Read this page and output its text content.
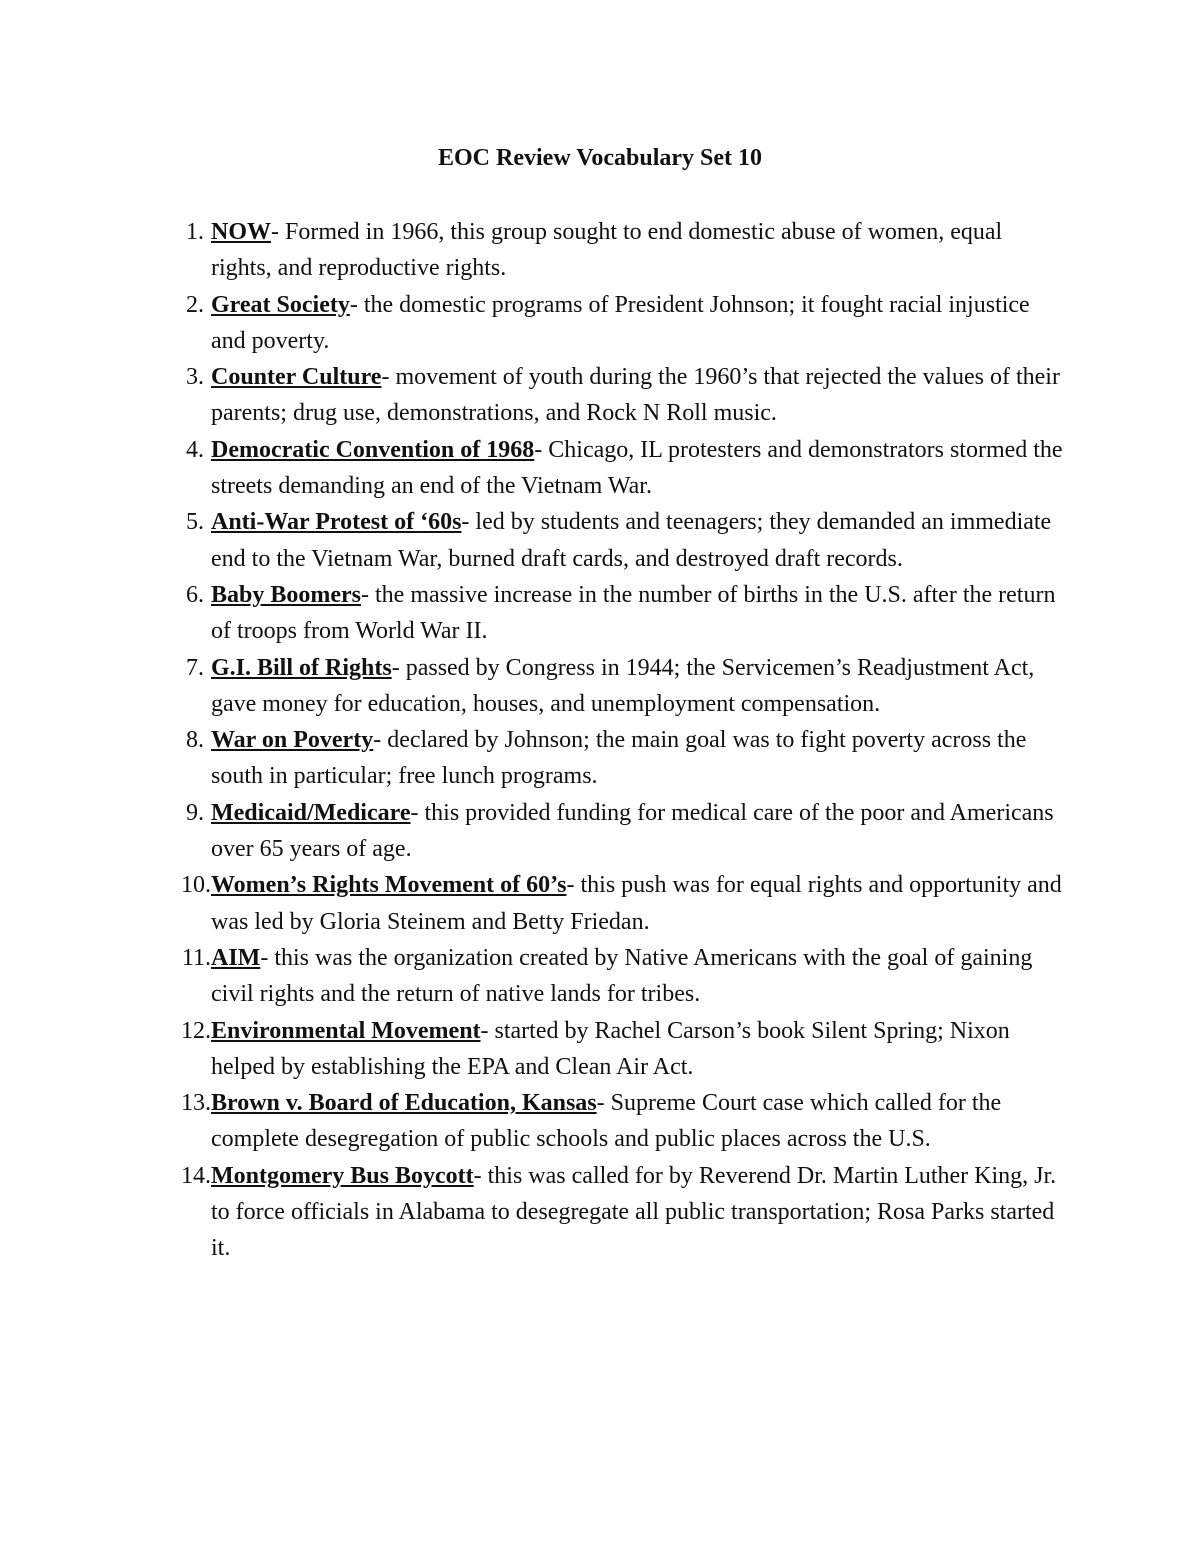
EOC Review Vocabulary Set 10
1. NOW- Formed in 1966, this group sought to end domestic abuse of women, equal rights, and reproductive rights.
2. Great Society- the domestic programs of President Johnson; it fought racial injustice and poverty.
3. Counter Culture- movement of youth during the 1960’s that rejected the values of their parents; drug use, demonstrations, and Rock N Roll music.
4. Democratic Convention of 1968- Chicago, IL protesters and demonstrators stormed the streets demanding an end of the Vietnam War.
5. Anti-War Protest of ‘60s- led by students and teenagers; they demanded an immediate end to the Vietnam War, burned draft cards, and destroyed draft records.
6. Baby Boomers- the massive increase in the number of births in the U.S. after the return of troops from World War II.
7. G.I. Bill of Rights- passed by Congress in 1944; the Servicemen’s Readjustment Act, gave money for education, houses, and unemployment compensation.
8. War on Poverty- declared by Johnson; the main goal was to fight poverty across the south in particular; free lunch programs.
9. Medicaid/Medicare- this provided funding for medical care of the poor and Americans over 65 years of age.
10. Women’s Rights Movement of 60’s- this push was for equal rights and opportunity and was led by Gloria Steinem and Betty Friedan.
11. AIM- this was the organization created by Native Americans with the goal of gaining civil rights and the return of native lands for tribes.
12. Environmental Movement- started by Rachel Carson’s book Silent Spring; Nixon helped by establishing the EPA and Clean Air Act.
13. Brown v. Board of Education, Kansas- Supreme Court case which called for the complete desegregation of public schools and public places across the U.S.
14. Montgomery Bus Boycott- this was called for by Reverend Dr. Martin Luther King, Jr. to force officials in Alabama to desegregate all public transportation; Rosa Parks started it.
